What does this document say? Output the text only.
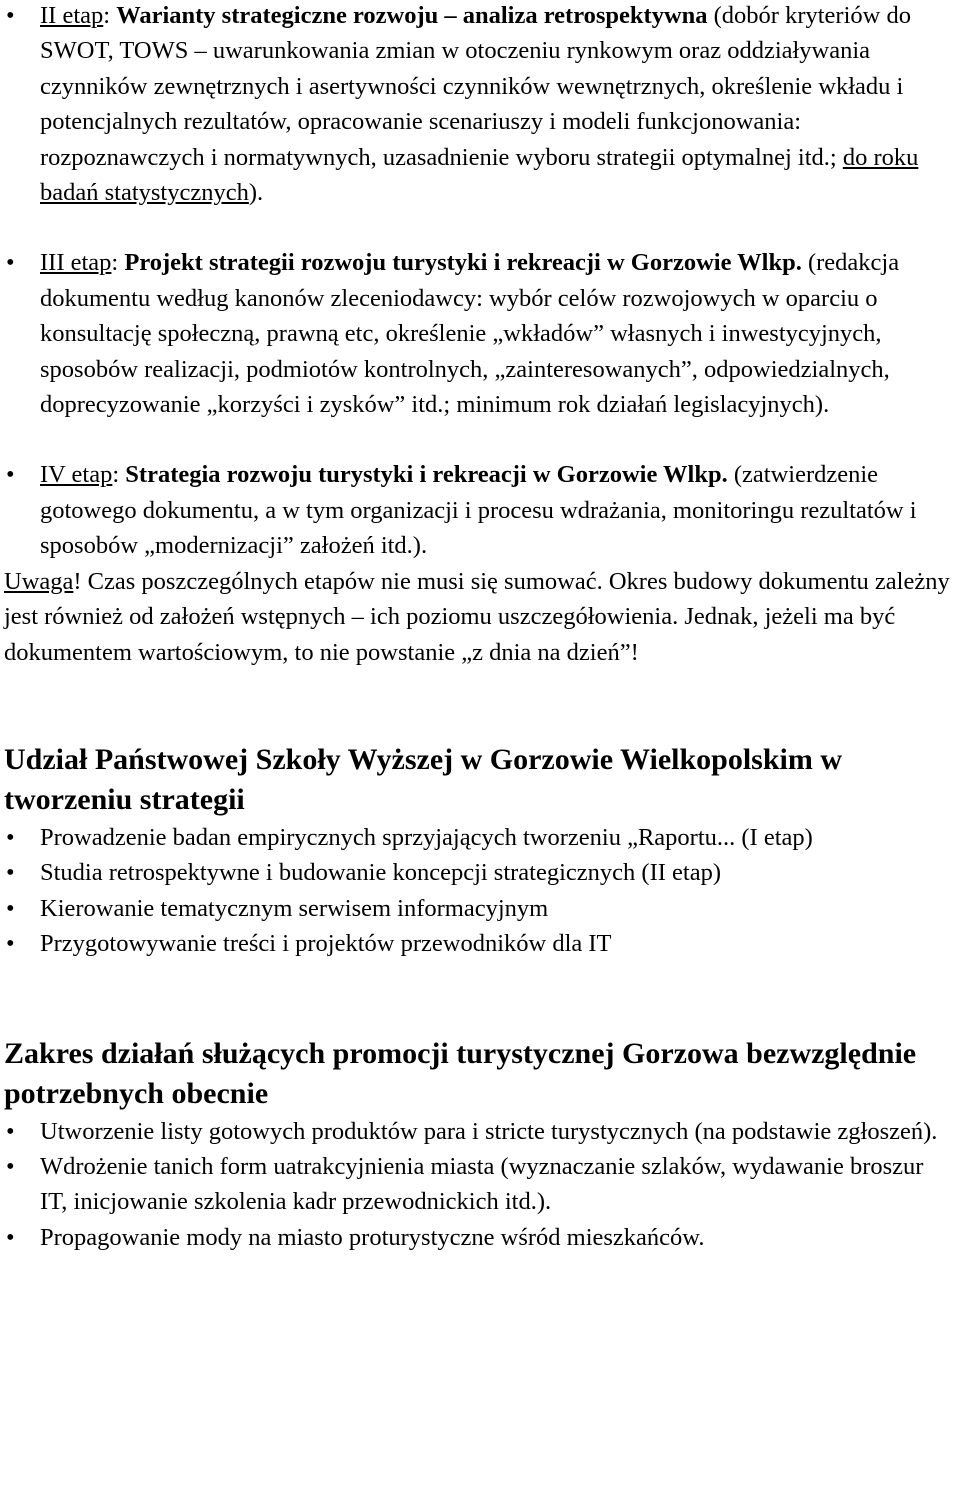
•	II etap: Warianty strategiczne rozwoju – analiza retrospektywna (dobór kryteriów do SWOT, TOWS – uwarunkowania zmian w otoczeniu rynkowym oraz oddziaływania czynników zewnętrznych i asertywności czynników wewnętrznych, określenie wkładu i potencjalnych rezultatów, opracowanie scenariuszy i modeli funkcjonowania: rozpoznawczych i normatywnych, uzasadnienie wyboru strategii optymalnej itd.; do roku badań statystycznych).
•	III etap: Projekt strategii rozwoju turystyki i rekreacji w Gorzowie Wlkp. (redakcja dokumentu według kanonów zleceniodawcy: wybór celów rozwojowych w oparciu o konsultację społeczną, prawną etc, określenie „wkładów” własnych i inwestycyjnych, sposobów realizacji, podmiotów kontrolnych, „zainteresowanych”, odpowiedzialnych, doprecyzowanie „korzyści i zysków” itd.; minimum rok działań legislacyjnych).
•	IV etap: Strategia rozwoju turystyki i rekreacji w Gorzowie Wlkp. (zatwierdzenie gotowego dokumentu, a w tym organizacji i procesu wdrażania, monitoringu rezultatów i sposobów „modernizacji” założeń itd.).

Uwaga! Czas poszczególnych etapów nie musi się sumować. Okres budowy dokumentu zależny jest również od założeń wstępnych – ich poziomu uszczegółowienia. Jednak, jeżeli ma być dokumentem wartościowym, to nie powstanie „z dnia na dzień”!

Udział Państwowej Szkoły Wyższej w Gorzowie Wielkopolskim w tworzeniu strategii
•	Prowadzenie badan empirycznych sprzyjających tworzeniu „Raportu... (I etap)
•	Studia retrospektywne i budowanie koncepcji strategicznych (II etap)
•	Kierowanie tematycznym serwisem informacyjnym
•	Przygotowywanie treści i projektów przewodników dla IT
Zakres działań służących promocji turystycznej Gorzowa bezwzględnie potrzebnych obecnie
•	Utworzenie listy gotowych produktów para i stricte turystycznych (na podstawie zgłoszeń).
•	Wdrożenie tanich form uatrakcyjnienia miasta (wyznaczanie szlaków, wydawanie broszur IT, inicjowanie szkolenia kadr przewodnickich itd.).
•	Propagowanie mody na miasto proturystyczne wśród mieszkańców.
